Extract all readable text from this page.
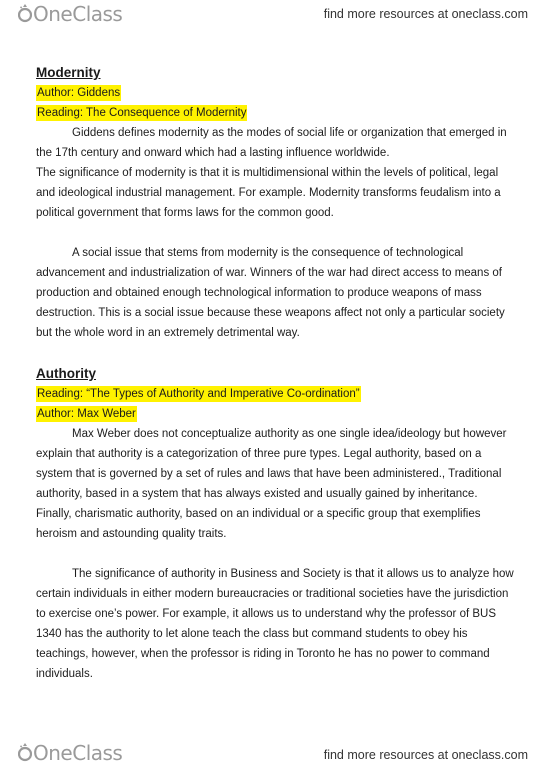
OneClass	find more resources at oneclass.com
Modernity
Author: Giddens
Reading: The Consequence of Modernity

Giddens defines modernity as the modes of social life or organization that emerged in the 17th century and onward which had a lasting influence worldwide.

The significance of modernity is that it is multidimensional within the levels of political, legal and ideological industrial management. For example. Modernity transforms feudalism into a political government that forms laws for the common good.

A social issue that stems from modernity is the consequence of technological advancement and industrialization of war. Winners of the war had direct access to means of production and obtained enough technological information to produce weapons of mass destruction. This is a social issue because these weapons affect not only a particular society but the whole word in an extremely detrimental way.

Authority
Reading: “The Types of Authority and Imperative Co-ordination”
Author: Max Weber

Max Weber does not conceptualize authority as one single idea/ideology but however explain that authority is a categorization of three pure types. Legal authority, based on a system that is governed by a set of rules and laws that have been administered., Traditional authority, based in a system that has always existed and usually gained by inheritance. Finally, charismatic authority, based on an individual or a specific group that exemplifies heroism and astounding quality traits.

The significance of authority in Business and Society is that it allows us to analyze how certain individuals in either modern bureaucracies or traditional societies have the jurisdiction to exercise one’s power. For example, it allows us to understand why the professor of BUS 1340 has the authority to let alone teach the class but command students to obey his teachings, however, when the professor is riding in Toronto he has no power to command individuals.

OneClass	find more resources at oneclass.com
